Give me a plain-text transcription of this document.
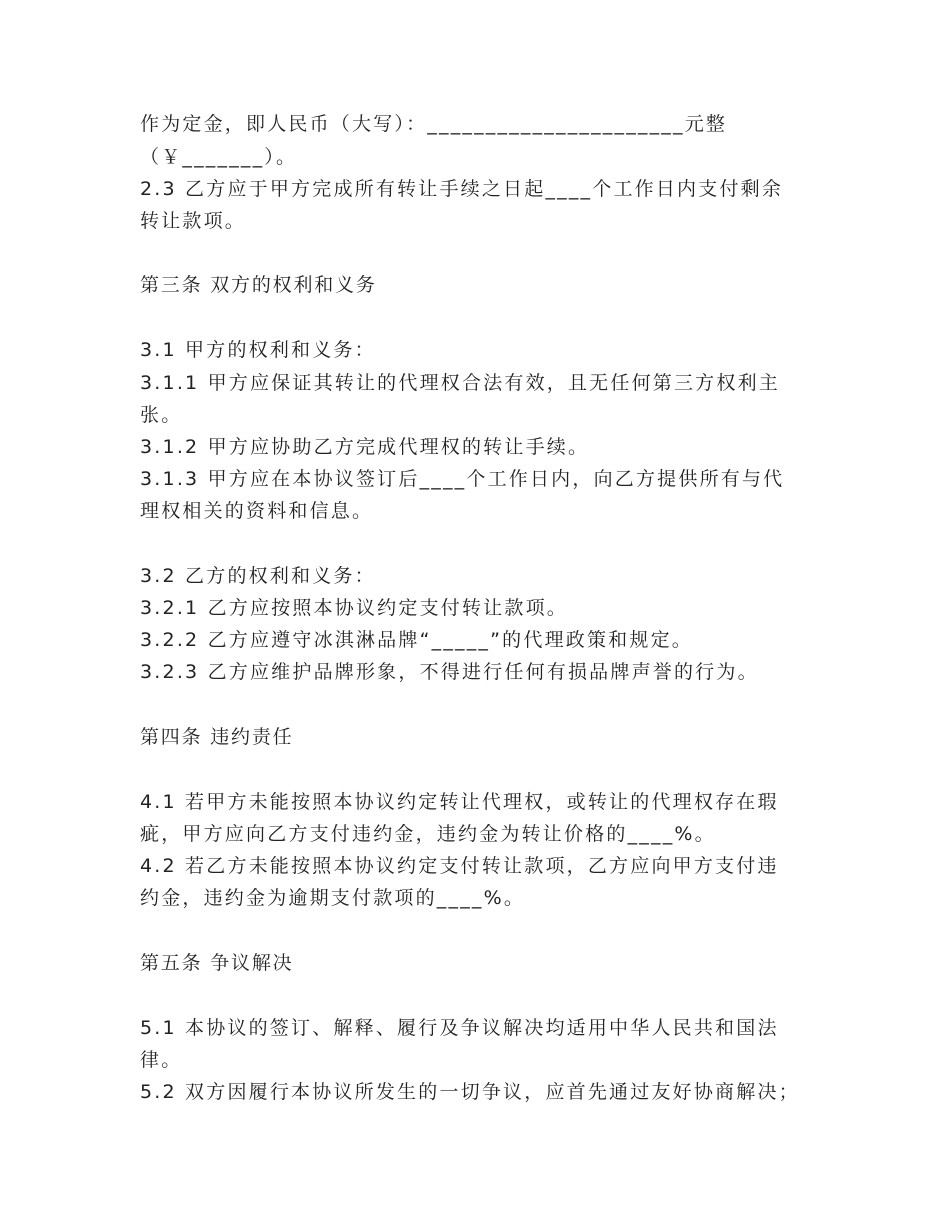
作为定金，即人民币（大写）：______________________元整
（￥_______）。
2.3 乙方应于甲方完成所有转让手续之日起____个工作日内支付剩余
转让款项。
第三条 双方的权利和义务
3.1 甲方的权利和义务：
3.1.1 甲方应保证其转让的代理权合法有效，且无任何第三方权利主
张。
3.1.2 甲方应协助乙方完成代理权的转让手续。
3.1.3 甲方应在本协议签订后____个工作日内，向乙方提供所有与代
理权相关的资料和信息。
3.2 乙方的权利和义务：
3.2.1 乙方应按照本协议约定支付转让款项。
3.2.2 乙方应遵守冰淇淋品牌“_____”的代理政策和规定。
3.2.3 乙方应维护品牌形象，不得进行任何有损品牌声誉的行为。
第四条 违约责任
4.1 若甲方未能按照本协议约定转让代理权，或转让的代理权存在瑕
疵，甲方应向乙方支付违约金，违约金为转让价格的____%。
4.2 若乙方未能按照本协议约定支付转让款项，乙方应向甲方支付违
约金，违约金为逾期支付款项的____%。
第五条 争议解决
5.1 本协议的签订、解释、履行及争议解决均适用中华人民共和国法
律。
5.2 双方因履行本协议所发生的一切争议，应首先通过友好协商解决；
